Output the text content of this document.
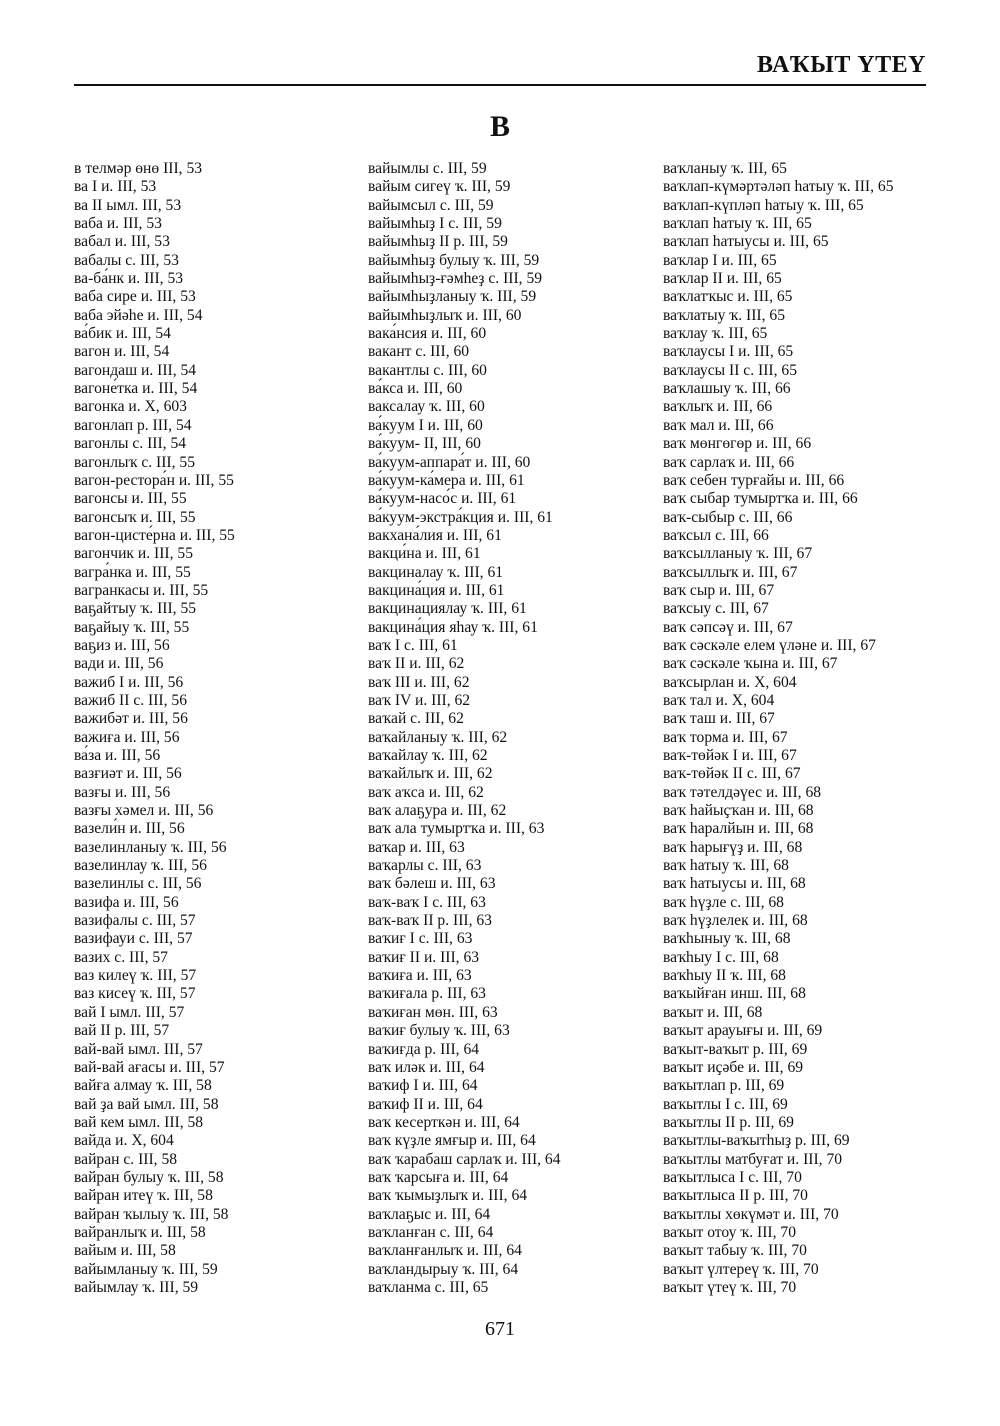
ВАҠЫТ ҮТЕҮ
В
в телмәр өнө III, 53
ва I и. III, 53
ва II ымл. III, 53
ваба и. III, 53
вабал и. III, 53
вабалы с. III, 53
ва-ба́нк и. III, 53
ваба сире и. III, 53
ваба эйәһе и. III, 54
ва́бик и. III, 54
вагон и. III, 54
вагондаш и. III, 54
вагоне́тка и. III, 54
вагонка и. X, 603
вагонлап р. III, 54
вагонлы с. III, 54
вагонлыҡ с. III, 55
вагон-рестора́н и. III, 55
вагонсы и. III, 55
вагонсыҡ и. III, 55
вагон-цисте́рна и. III, 55
вагончик и. III, 55
вагра́нка и. III, 55
вагранкасы и. III, 55
ваҕайтыу ҡ. III, 55
ваҕайыу ҡ. III, 55
ваҕиз и. III, 56
вади и. III, 56
важиб I и. III, 56
важиб II с. III, 56
важибәт и. III, 56
важиға и. III, 56
ва́за и. III, 56
вазғиәт и. III, 56
вазғы и. III, 56
вазғы хәмел и. III, 56
вазели́н и. III, 56
вазелинланыу ҡ. III, 56
вазелинлау ҡ. III, 56
вазелинлы с. III, 56
вазифа и. III, 56
вазифалы с. III, 57
вазифауи с. III, 57
вазих с. III, 57
ваз килеү ҡ. III, 57
ваз кисеү ҡ. III, 57
вай I ымл. III, 57
вай II р. III, 57
вай-вай ымл. III, 57
вай-вай ағасы и. III, 57
вайға алмау ҡ. III, 58
вай ҙа вай ымл. III, 58
вай кем ымл. III, 58
вайда и. X, 604
вайран с. III, 58
вайран булыу ҡ. III, 58
вайран итеү ҡ. III, 58
вайран ҡылыу ҡ. III, 58
вайранлыҡ и. III, 58
вайым и. III, 58
вайымланыу ҡ. III, 59
вайымлау ҡ. III, 59
вайымлы с. III, 59
вайым сигеү ҡ. III, 59
вайымсыл с. III, 59
вайымһыҙ I с. III, 59
вайымһыҙ II р. III, 59
вайымһыҙ булыу ҡ. III, 59
вайымһыҙ-ғәмһеҙ с. III, 59
вайымһыҙланыу ҡ. III, 59
вайымһыҙлыҡ и. III, 60
вака́нсия и. III, 60
вакант с. III, 60
вакантлы с. III, 60
ва́кса и. III, 60
ваксалау ҡ. III, 60
ва́куум I и. III, 60
ва́куум- II, III, 60
ва́куум-аппара́т и. III, 60
ва́куум-ка́мера и. III, 61
ва́куум-насо́с и. III, 61
ва́куум-экстра́кция и. III, 61
вакхана́лия и. III, 61
вакци́на и. III, 61
вакциналау ҡ. III, 61
вакцина́ция и. III, 61
вакцинациялау ҡ. III, 61
вакцина́ция яһау ҡ. III, 61
ваҡ I с. III, 61
ваҡ II и. III, 62
ваҡ III и. III, 62
ваҡ IV и. III, 62
ваҡай с. III, 62
ваҡайланыу ҡ. III, 62
ваҡайлау ҡ. III, 62
ваҡайлыҡ и. III, 62
ваҡ аҡса и. III, 62
ваҡ алаҕура и. III, 62
ваҡ ала тумыртҡа и. III, 63
ваҡар и. III, 63
ваҡарлы с. III, 63
ваҡ бәлеш и. III, 63
ваҡ-ваҡ I с. III, 63
ваҡ-ваҡ II р. III, 63
ваҡиғ I с. III, 63
ваҡиғ II и. III, 63
ваҡиға и. III, 63
ваҡиғала р. III, 63
ваҡиған мөн. III, 63
ваҡиғ булыу ҡ. III, 63
ваҡиғда р. III, 64
ваҡ иләк и. III, 64
ваҡиф I и. III, 64
ваҡиф II и. III, 64
ваҡ кесерткән и. III, 64
ваҡ күҙле ямғыр и. III, 64
ваҡ ҡарабаш сарлаҡ и. III, 64
ваҡ ҡарсыға и. III, 64
ваҡ ҡымыҙлыҡ и. III, 64
ваҡлаҕыс и. III, 64
ваҡланған с. III, 64
ваҡланғанлыҡ и. III, 64
ваҡландырыу ҡ. III, 64
ваҡланма с. III, 65
ваҡланыу ҡ. III, 65
ваҡлап-күмәртәләп һатыу ҡ. III, 65
ваҡлап-күпләп һатыу ҡ. III, 65
ваҡлап һатыу ҡ. III, 65
ваҡлап һатыусы и. III, 65
ваҡлар I и. III, 65
ваҡлар II и. III, 65
ваҡлатҡыс и. III, 65
ваҡлатыу ҡ. III, 65
ваҡлау ҡ. III, 65
ваҡлаусы I и. III, 65
ваҡлаусы II с. III, 65
ваҡлашыу ҡ. III, 66
ваҡлыҡ и. III, 66
ваҡ мал и. III, 66
ваҡ мөнгөгөр и. III, 66
ваҡ сарлаҡ и. III, 66
ваҡ себен турғайы и. III, 66
ваҡ сыбар тумыртҡа и. III, 66
ваҡ-сыбыр с. III, 66
ваҡсыл с. III, 66
ваҡсылланыу ҡ. III, 67
ваҡсыллыҡ и. III, 67
ваҡ сыр и. III, 67
ваҡсыу с. III, 67
ваҡ сәпсәү и. III, 67
ваҡ сәскәле елем үләне и. III, 67
ваҡ сәскәле ҡына и. III, 67
ваҡсырлан и. X, 604
ваҡ тал и. X, 604
ваҡ таш и. III, 67
ваҡ торма и. III, 67
ваҡ-төйәк I и. III, 67
ваҡ-төйәк II с. III, 67
ваҡ тәтелдәүес и. III, 68
ваҡ һайыҫҡан и. III, 68
ваҡ һаралйын и. III, 68
ваҡ һарығүҙ и. III, 68
ваҡ һатыу ҡ. III, 68
ваҡ һатыусы и. III, 68
ваҡ һүҙле с. III, 68
ваҡ һүҙлелек и. III, 68
ваҡһыныу ҡ. III, 68
ваҡһыу I с. III, 68
ваҡһыу II ҡ. III, 68
ваҡыйған инш. III, 68
ваҡыт и. III, 68
ваҡыт арауығы и. III, 69
ваҡыт-ваҡыт р. III, 69
ваҡыт иҫәбе и. III, 69
ваҡытлап р. III, 69
ваҡытлы I с. III, 69
ваҡытлы II р. III, 69
ваҡытлы-ваҡытһыҙ р. III, 69
ваҡытлы матбуғат и. III, 70
ваҡытлыса I с. III, 70
ваҡытлыса II р. III, 70
ваҡытлы хөкүмәт и. III, 70
ваҡыт отоу ҡ. III, 70
ваҡыт табыу ҡ. III, 70
ваҡыт үлтереү ҡ. III, 70
ваҡыт үтеү ҡ. III, 70
671
